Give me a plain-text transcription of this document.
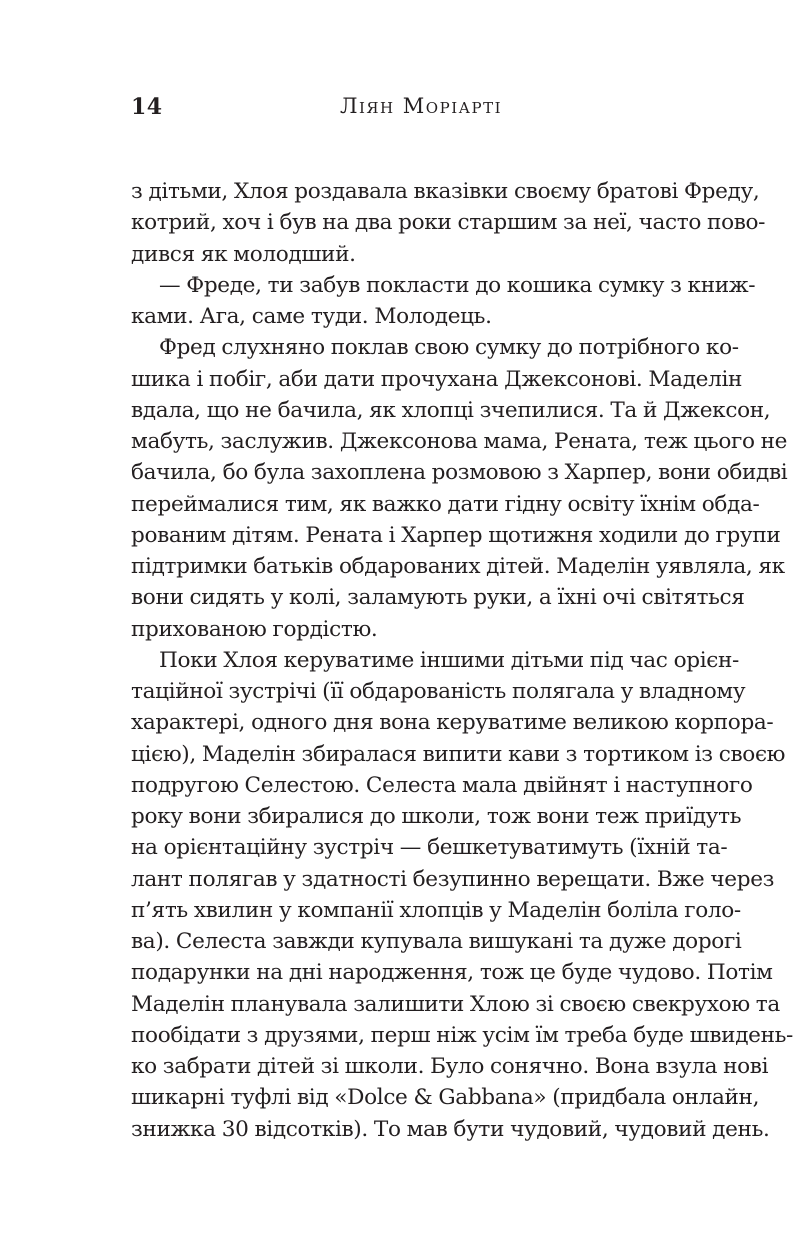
14	Ліян Моріарті
з дітьми, Хлоя роздавала вказівки своєму братові Фреду,
котрий, хоч і був на два роки старшим за неї, часто пово-
дився як молодший.
— Фреде, ти забув покласти до кошика сумку з книж-
ками. Ага, саме туди. Молодець.
Фред слухняно поклав свою сумку до потрібного ко-
шика і побіг, аби дати прочухана Джексонові. Маделін
вдала, що не бачила, як хлопці зчепилися. Та й Джексон,
мабуть, заслужив. Джексонова мама, Рената, теж цього не
бачила, бо була захоплена розмовою з Харпер, вони обидві
переймалися тим, як важко дати гідну освіту їхнім обда-
рованим дітям. Рената і Харпер щотижня ходили до групи
підтримки батьків обдарованих дітей. Маделін уявляла, як
вони сидять у колі, заламують руки, а їхні очі світяться
прихованою гордістю.
Поки Хлоя керуватиме іншими дітьми під час орієн-
таційної зустрічі (її обдарованість полягала у владному
характері, одного дня вона керуватиме великою корпора-
цією), Маделін збиралася випити кави з тортиком із своєю
подругою Селестою. Селеста мала двійнят і наступного
року вони збиралися до школи, тож вони теж приїдуть
на орієнтаційну зустріч — бешкетуватимуть (їхній та-
лант полягав у здатності безупинно верещати. Вже через
п’ять хвилин у компанії хлопців у Маделін боліла голо-
ва). Селеста завжди купувала вишукані та дуже дорогі
подарунки на дні народження, тож це буде чудово. Потім
Маделін планувала залишити Хлою зі своєю свекрухою та
пообідати з друзями, перш ніж усім їм треба буде швидень-
ко забрати дітей зі школи. Було сонячно. Вона взула нові
шикарні туфлі від «Dolce & Gabbana» (придбала онлайн,
знижка 30 відсотків). То мав бути чудовий, чудовий день.
